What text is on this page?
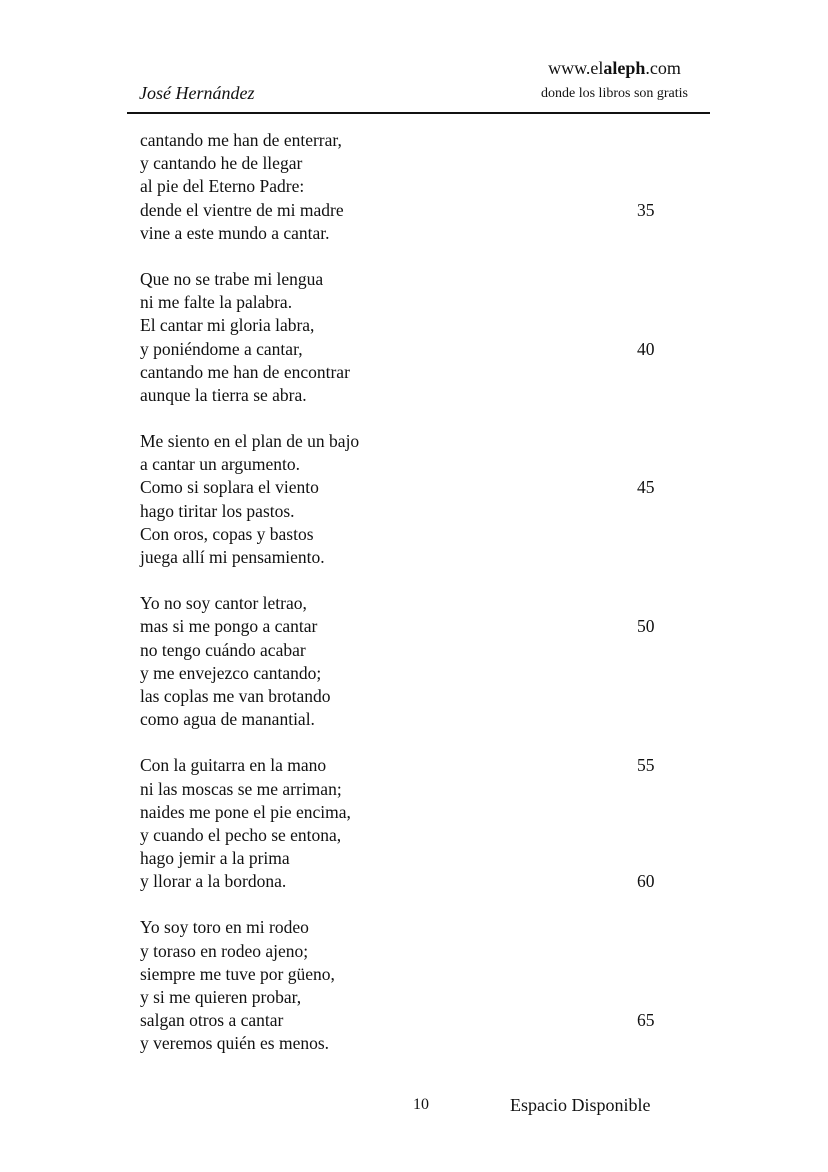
José Hernández
www.elaleph.com
donde los libros son gratis
cantando me han de enterrar,
y cantando he de llegar
al pie del Eterno Padre:
dende el vientre de mi madre	35
vine a este mundo a cantar.
Que no se trabe mi lengua
ni me falte la palabra.
El cantar mi gloria labra,
y poniéndome a cantar,	40
cantando me han de encontrar
aunque la tierra se abra.
Me siento en el plan de un bajo
a cantar un argumento.
Como si soplara el viento	45
hago tiritar los pastos.
Con oros, copas y bastos
juega allí mi pensamiento.
Yo no soy cantor letrao,
mas si me pongo a cantar	50
no tengo cuándo acabar
y me envejezco cantando;
las coplas me van brotando
como agua de manantial.
Con la guitarra en la mano	55
ni las moscas se me arriman;
naides me pone el pie encima,
y cuando el pecho se entona,
hago jemir a la prima
y llorar a la bordona.	60
Yo soy toro en mi rodeo
y toraso en rodeo ajeno;
siempre me tuve por güeno,
y si me quieren probar,
salgan otros a cantar	65
y veremos quién es menos.
10	Espacio Disponible
